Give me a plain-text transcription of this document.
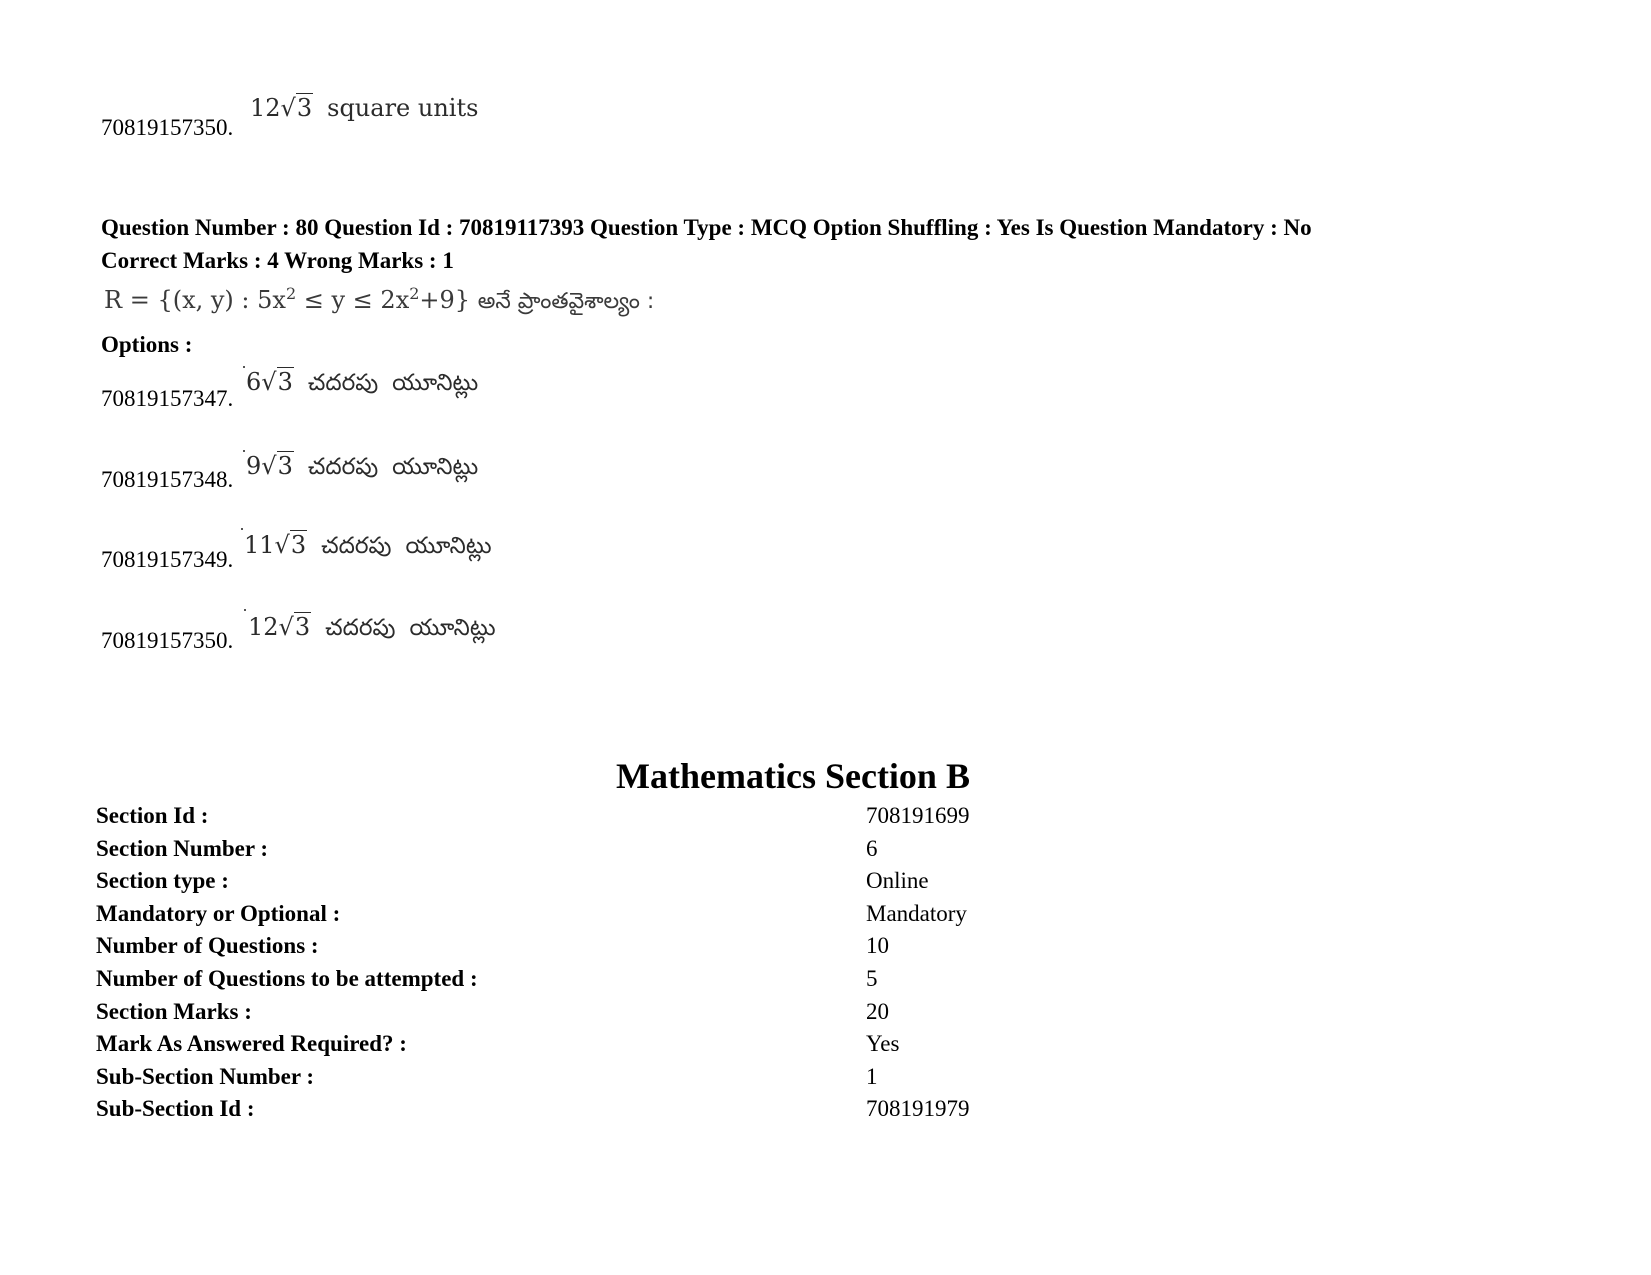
70819157350.
12√3 square units
Question Number : 80 Question Id : 70819117393 Question Type : MCQ Option Shuffling : Yes Is Question Mandatory : No
Correct Marks : 4 Wrong Marks : 1
R = {(x, y) : $5x^2 \le y \le 2x^2+9$} అనే ప్రాంతవైశాల్యం :
Options :
70819157347.
6√3 చదరపు యూనిట్లు
70819157348. 9√3 చదరపు యూనిట్లు
70819157349.
11√3 చదరపు యూనిట్లు
70819157350. 12√3 చదరపు యూనిట్లు
Mathematics Section B
Section Id :	708191699
Section Number :	6
Section type :	Online
Mandatory or Optional :	Mandatory
Number of Questions :	10
Number of Questions to be attempted :	5
Section Marks :	20
Mark As Answered Required? :	Yes
Sub-Section Number :	1
Sub-Section Id :	708191979
